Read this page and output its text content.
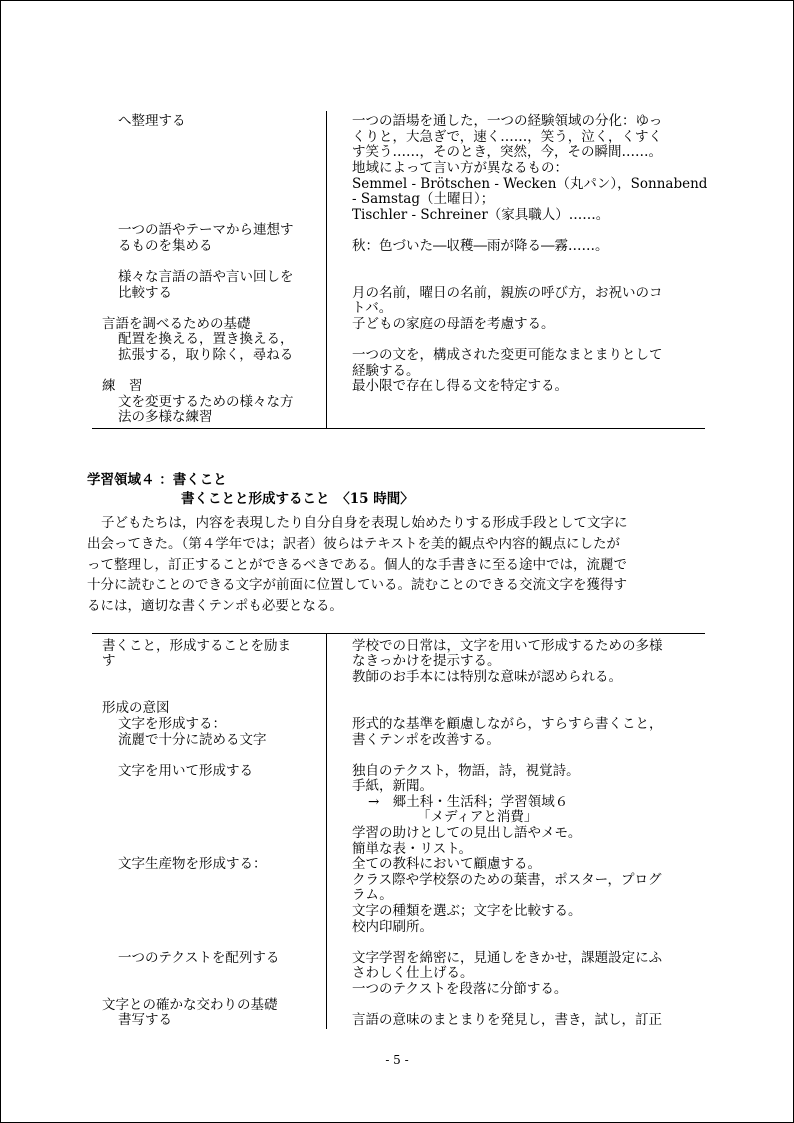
へ整理する
一つの語やテーマから連想す
るものを集める
様々な言語の語や言い回しを
比較する
言語を調べるための基礎
配置を換える，置き換える，
拡張する，取り除く，尋ねる
練　習
文を変更するための様々な方
法の多様な練習
一つの語場を通した，一つの経験領域の分化：ゆっ
くりと，大急ぎで，速く……，笑う，泣く，くすく
す笑う……，そのとき，突然，今，その瞬間……。
地域によって言い方が異なるもの：
Semmel - Brötschen - Wecken（丸パン），Sonnabend
- Samstag（土曜日）；
Tischler - Schreiner（家具職人）……。
秋：色づいた―収穫―雨が降る―霧……。
月の名前，曜日の名前，親族の呼び方，お祝いのコ
トバ。
子どもの家庭の母語を考慮する。
一つの文を，構成された変更可能なまとまりとして
経験する。
最小限で存在し得る文を特定する。
学習領域４ ：書くこと
書くことと形成すること　〈15 時間〉
子どもたちは，内容を表現したり自分自身を表現し始めたりする形成手段として文字に
出会ってきた。（第４学年では；訳者）彼らはテキストを美的観点や内容的観点にしたが
って整理し，訂正することができるべきである。個人的な手書きに至る途中では，流麗で
十分に読むことのできる文字が前面に位置している。読むことのできる交流文字を獲得す
るには，適切な書くテンポも必要となる。
書くこと，形成することを励ま
す
形成の意図
文字を形成する：
流麗で十分に読める文字
文字を用いて形成する
文字生産物を形成する：
一つのテクストを配列する
文字との確かな交わりの基礎
書写する
学校での日常は，文字を用いて形成するための多様
なきっかけを提示する。
教師のお手本には特別な意味が認められる。
形式的な基準を顧慮しながら，すらすら書くこと，
書くテンポを改善する。
独自のテクスト，物語，詩，視覚詩。
手紙，新聞。
→　郷土科・生活科；学習領域６
「メディアと消費」
学習の助けとしての見出し語やメモ。
簡単な表・リスト。
全ての教科において顧慮する。
クラス際や学校祭のための葉書，ポスター，プログ
ラム。
文字の種類を選ぶ；文字を比較する。
校内印刷所。
文字学習を綿密に，見通しをきかせ，課題設定にふ
さわしく仕上げる。
一つのテクストを段落に分節する。
言語の意味のまとまりを発見し，書き，試し，訂正
- 5 -
